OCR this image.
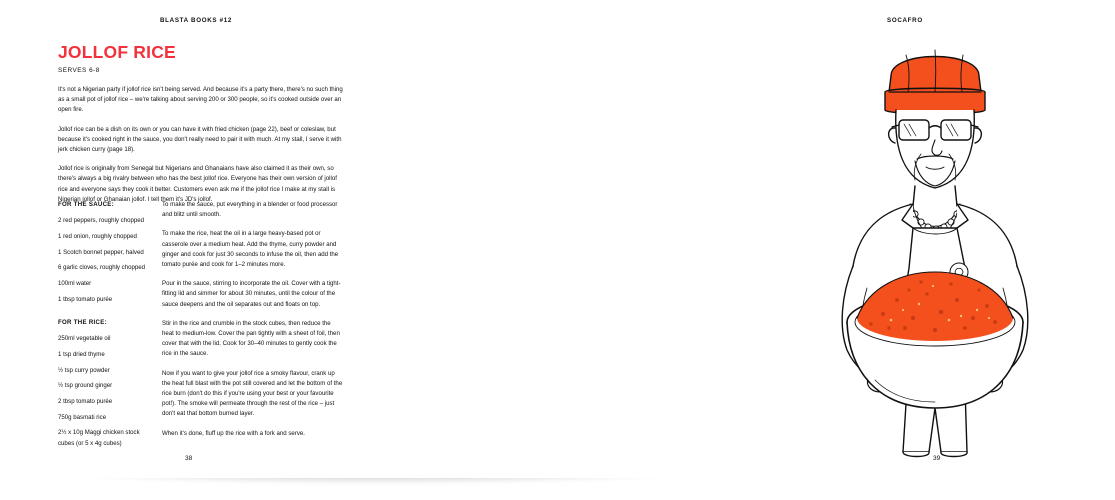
BLASTA BOOKS #12
JOLLOF RICE
SERVES 6-8

It's not a Nigerian party if jollof rice isn't being served. And because it's a party there, there's no such thing as a small pot of jollof rice – we're talking about serving 200 or 300 people, so it's cooked outside over an open fire.

Jollof rice can be a dish on its own or you can have it with fried chicken (page 22), beef or coleslaw, but because it's cooked right in the sauce, you don't really need to pair it with much. At my stall, I serve it with jerk chicken curry (page 18).

Jollof rice is originally from Senegal but Nigerians and Ghanaians have also claimed it as their own, so there's always a big rivalry between who has the best jollof rice. Everyone has their own version of jollof rice and everyone says they cook it better. Customers even ask me if the jollof rice I make at my stall is Nigerian jollof or Ghanaian jollof. I tell them it's JD's jollof.

FOR THE SAUCE:
2 red peppers, roughly chopped
1 red onion, roughly chopped
1 Scotch bonnet pepper, halved
6 garlic cloves, roughly chopped
100ml water
1 tbsp tomato purée
FOR THE RICE:
250ml vegetable oil
1 tsp dried thyme
½ tsp curry powder
½ tsp ground ginger
2 tbsp tomato purée
750g basmati rice
2½ x 10g Maggi chicken stock cubes (or 5 x 4g cubes)

To make the sauce, put everything in a blender or food processor and blitz until smooth.

To make the rice, heat the oil in a large heavy-based pot or casserole over a medium heat. Add the thyme, curry powder and ginger and cook for just 30 seconds to infuse the oil, then add the tomato purée and cook for 1–2 minutes more.

Pour in the sauce, stirring to incorporate the oil. Cover with a tight-fitting lid and simmer for about 30 minutes, until the colour of the sauce deepens and the oil separates out and floats on top.

Stir in the rice and crumble in the stock cubes, then reduce the heat to medium-low. Cover the pan tightly with a sheet of foil, then cover that with the lid. Cook for 30–40 minutes to gently cook the rice in the sauce.

Now if you want to give your jollof rice a smoky flavour, crank up the heat full blast with the pot still covered and let the bottom of the rice burn (don't do this if you're using your best or your favourite pot!). The smoke will permeate through the rest of the rice – just don't eat that bottom burned layer.

When it's done, fluff up the rice with a fork and serve.

38
SOCAFRO
39
